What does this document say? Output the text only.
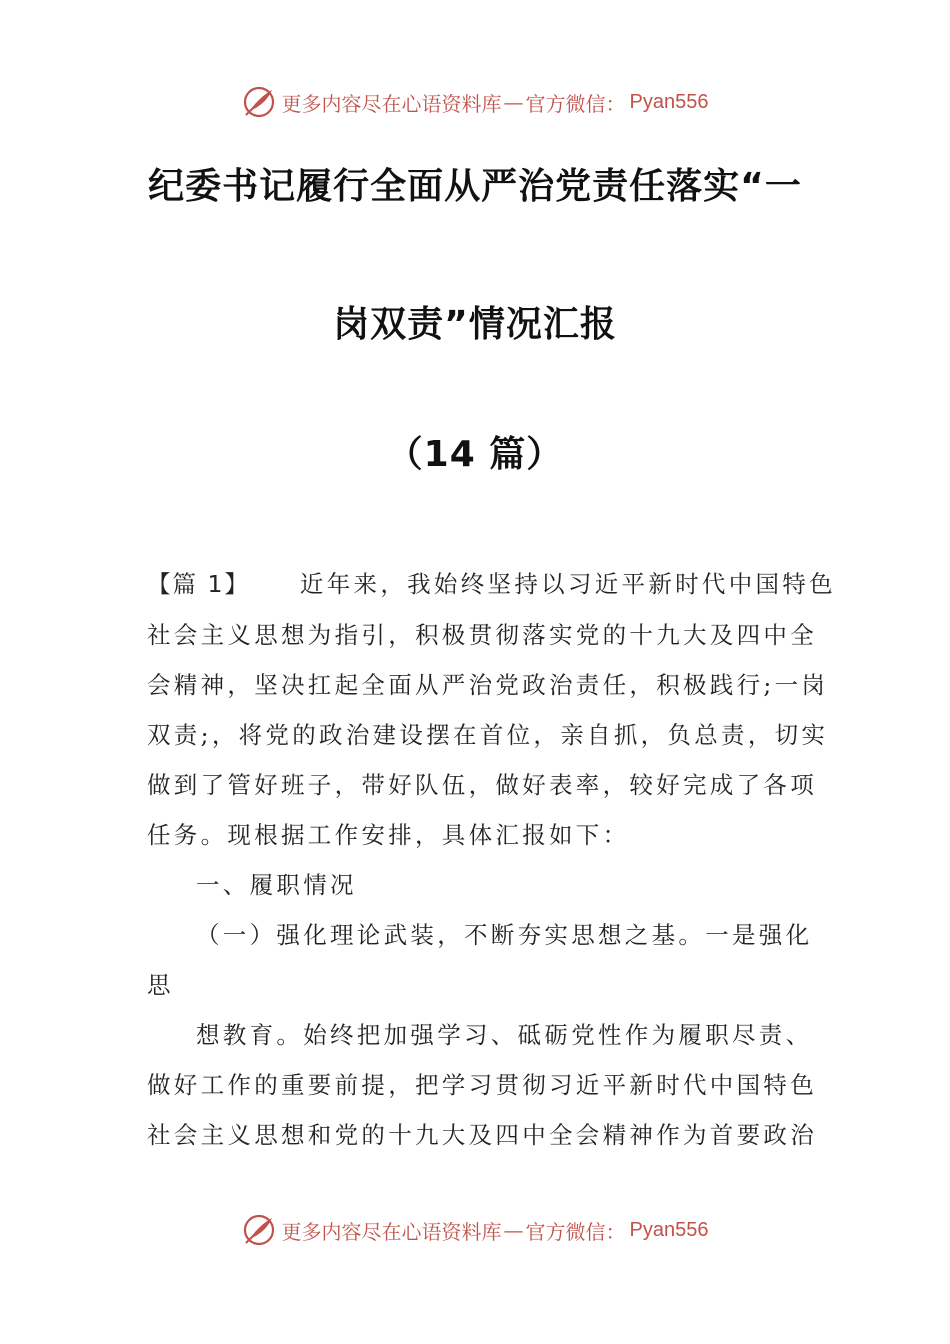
更多内容尽在心语资料库 — 官方微信： Pyan556
纪委书记履行全面从严治党责任落实“一
岗双责”情况汇报
（14 篇）
【篇 1】 近年来，我始终坚持以习近平新时代中国特色
社会主义思想为指引，积极贯彻落实党的十九大及四中全
会精神，坚决扛起全面从严治党政治责任，积极践行;一岗
双责;，将党的政治建设摆在首位，亲自抓，负总责，切实
做到了管好班子，带好队伍，做好表率，较好完成了各项
任务。现根据工作安排，具体汇报如下：
一、履职情况
（一）强化理论武装，不断夯实思想之基。一是强化
思
想教育。始终把加强学习、砥砺党性作为履职尽责、
做好工作的重要前提，把学习贯彻习近平新时代中国特色
社会主义思想和党的十九大及四中全会精神作为首要政治
更多内容尽在心语资料库 — 官方微信： Pyan556
